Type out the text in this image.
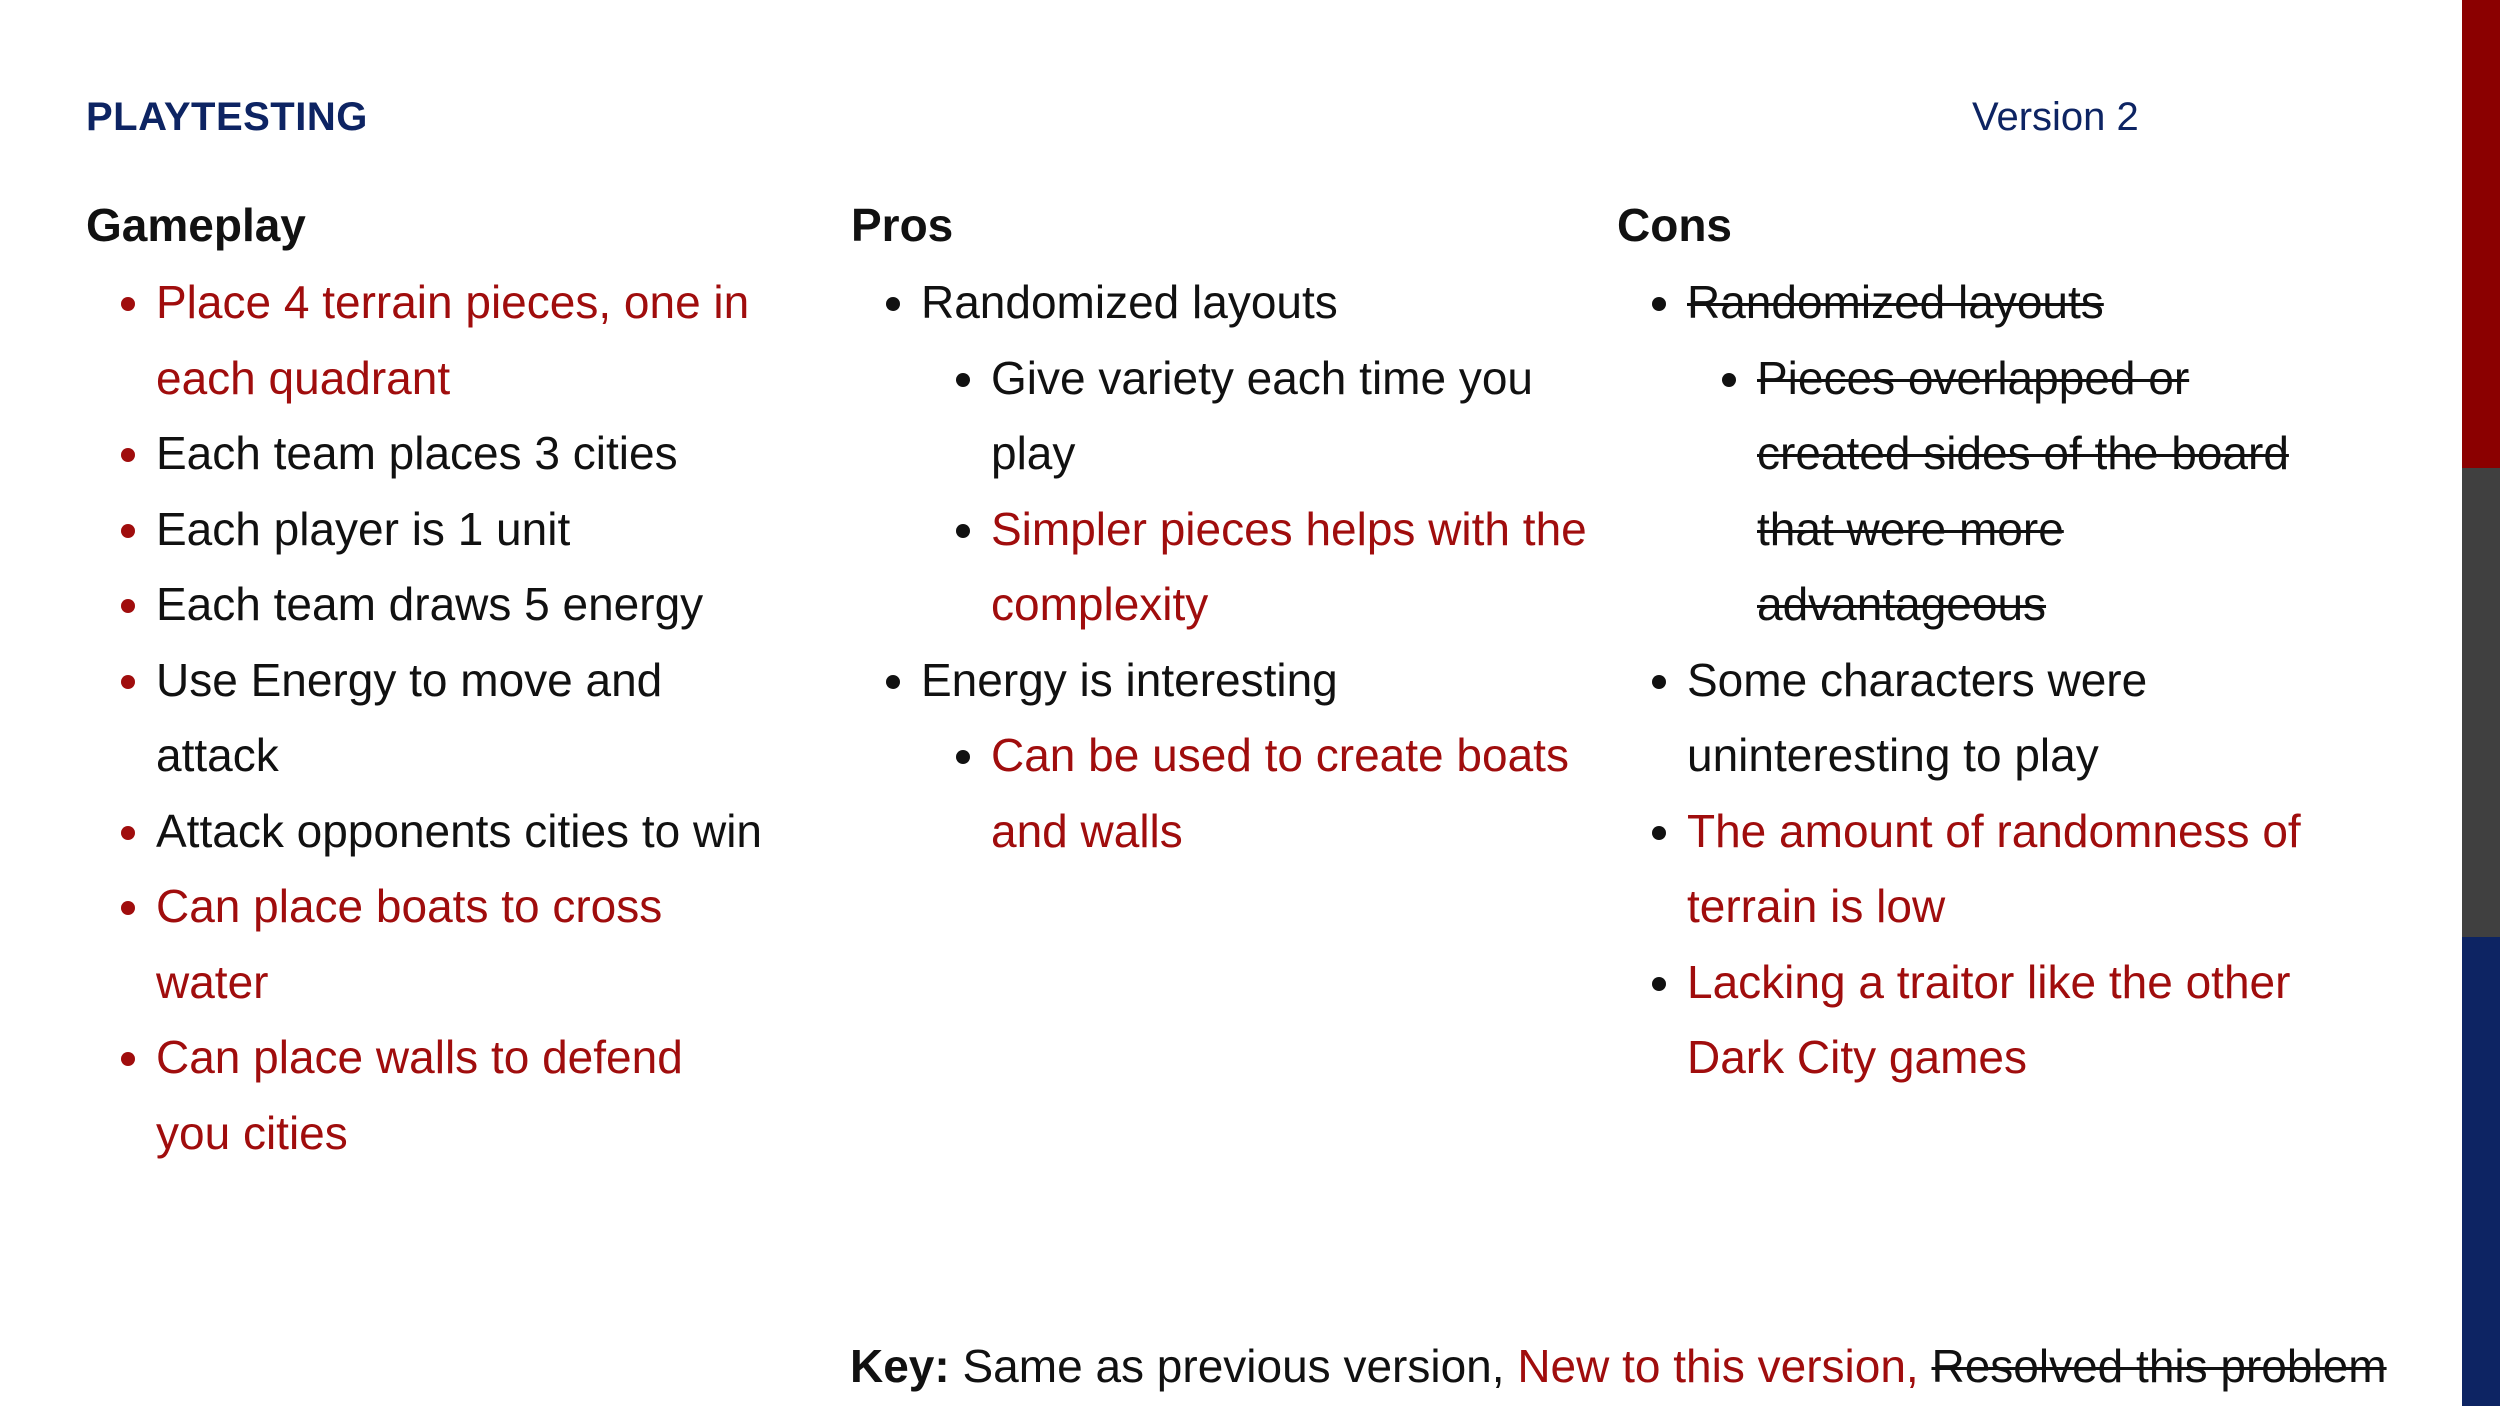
PLAYTESTING	Version 2
Gameplay
• Place 4 terrain pieces, one in each quadrant
• Each team places 3 cities
• Each player is 1 unit
• Each team draws 5 energy
• Use Energy to move and attack
• Attack opponents cities to win
• Can place boats to cross water
• Can place walls to defend you cities
Pros
• Randomized layouts
• Give variety each time you play
• Simpler pieces helps with the complexity
• Energy is interesting
• Can be used to create boats and walls
Cons
• Randomized layouts
• Pieces overlapped or created sides of the board that were more advantageous
• Some characters were uninteresting to play
• The amount of randomness of terrain is low
• Lacking a traitor like the other Dark City games
Key: Same as previous version, New to this version, Resolved this problem
